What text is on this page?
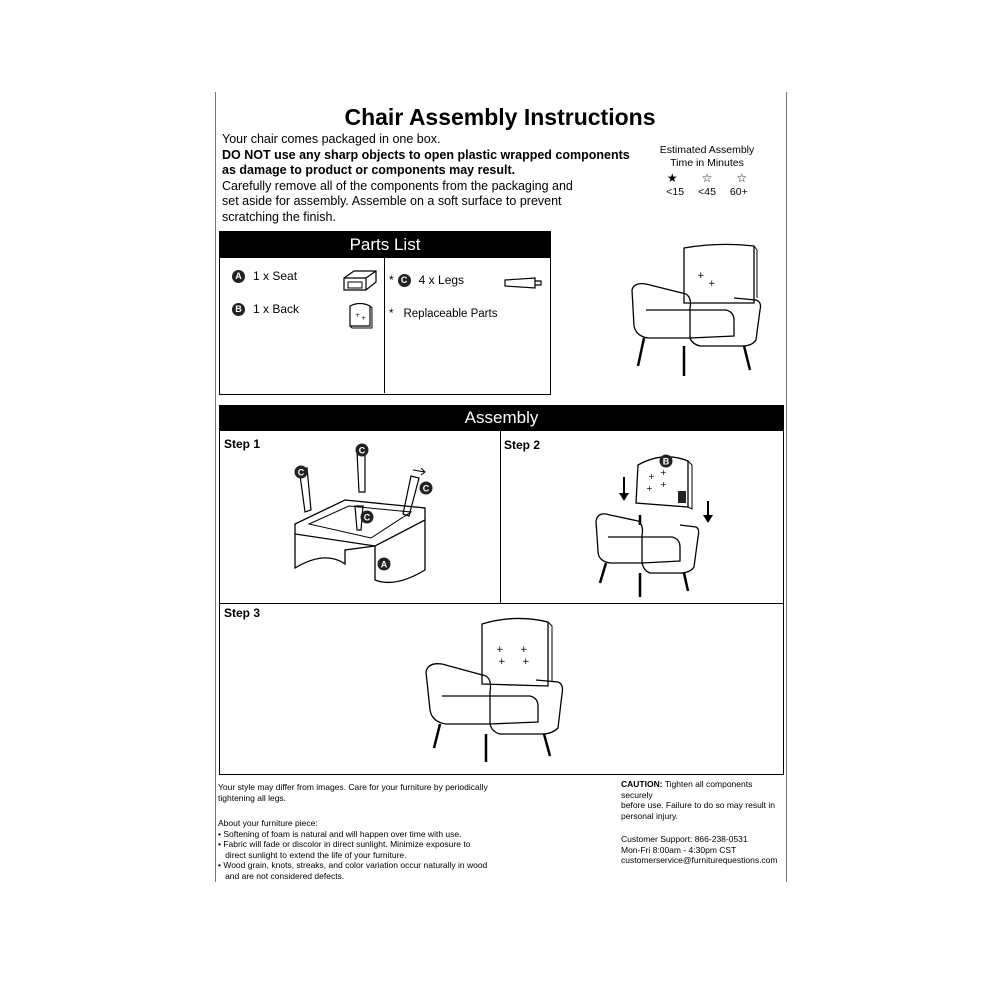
Chair Assembly Instructions
Your chair comes packaged in one box.
DO NOT use any sharp objects to open plastic wrapped components
as damage to product or components may result.
Carefully remove all of the components from the packaging and
set aside for assembly. Assemble on a soft surface to prevent
scratching the finish.
Estimated Assembly
Time in Minutes
★ ☆ ☆
<15 <45 60+
Parts List
A 1 x Seat
B 1 x Back
* C 4 x Legs
* Replaceable Parts
+ +
+
+
Assembly
Step 1	Step 2
Step 3
C
C
C
C
A
+ +
+ +
B
+ +
+ +
Your style may differ from images. Care for your furniture by periodically
tightening all legs.
About your furniture piece:
• Softening of foam is natural and will happen over time with use.
• Fabric will fade or discolor in direct sunlight. Minimize exposure to
direct sunlight to extend the life of your furniture.
• Wood grain, knots, streaks, and color variation occur naturally in wood
and are not considered defects.
CAUTION: Tighten all components securely
before use. Failure to do so may result in
personal injury.
Customer Support: 866-238-0531
Mon-Fri 8:00am - 4:30pm CST
customerservice@furniturequestions.com
